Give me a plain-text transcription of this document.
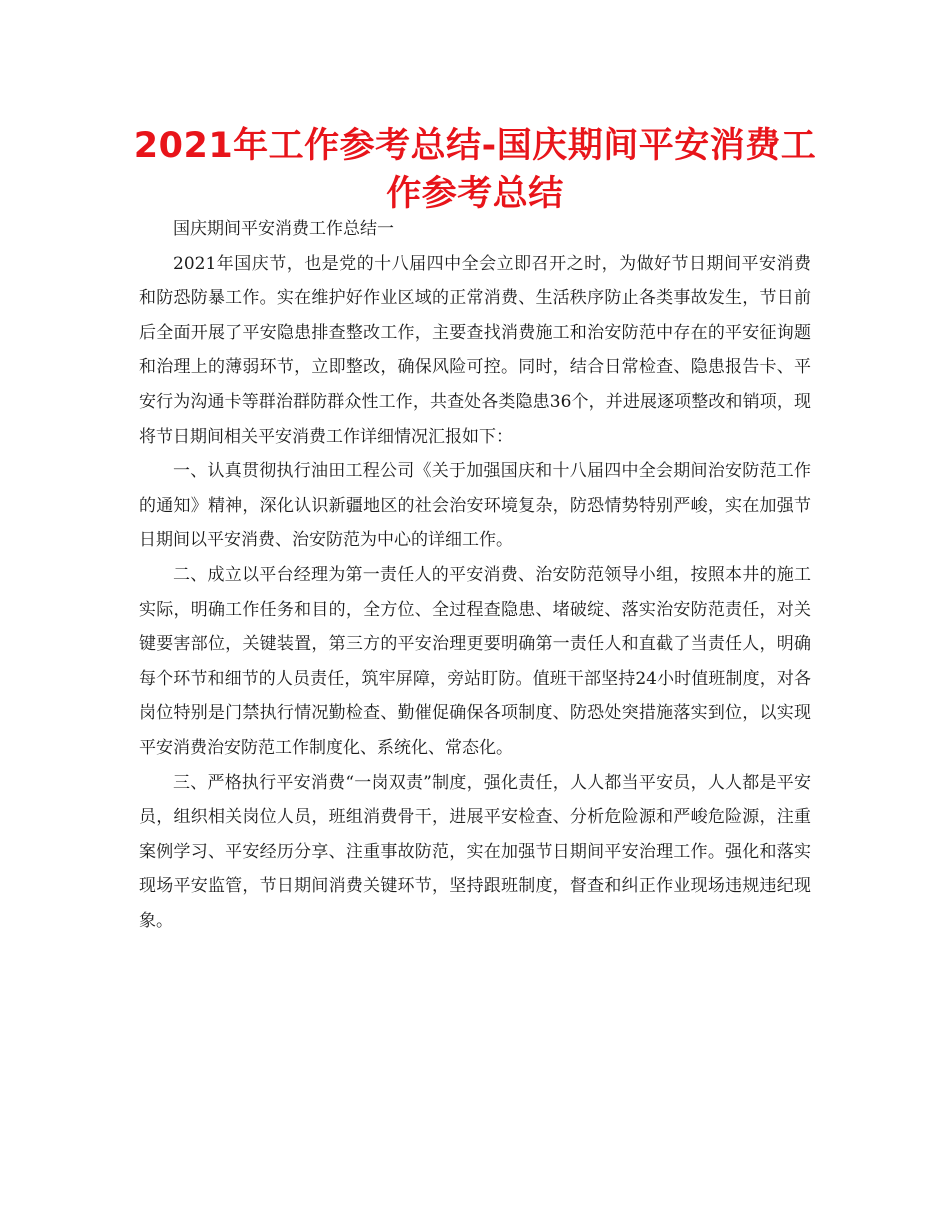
2021年工作参考总结-国庆期间平安消费工作参考总结

国庆期间平安消费工作总结一

2021年国庆节，也是党的十八届四中全会立即召开之时，为做好节日期间平安消费和防恐防暴工作。实在维护好作业区域的正常消费、生活秩序防止各类事故发生，节日前后全面开展了平安隐患排查整改工作，主要查找消费施工和治安防范中存在的平安征询题和治理上的薄弱环节，立即整改，确保风险可控。同时，结合日常检查、隐患报告卡、平安行为沟通卡等群治群防群众性工作，共查处各类隐患36个，并进展逐项整改和销项，现将节日期间相关平安消费工作详细情况汇报如下：

一、认真贯彻执行油田工程公司《关于加强国庆和十八届四中全会期间治安防范工作的通知》精神，深化认识新疆地区的社会治安环境复杂，防恐情势特别严峻，实在加强节日期间以平安消费、治安防范为中心的详细工作。

二、成立以平台经理为第一责任人的平安消费、治安防范领导小组，按照本井的施工实际，明确工作任务和目的，全方位、全过程查隐患、堵破绽、落实治安防范责任，对关键要害部位，关键装置，第三方的平安治理更要明确第一责任人和直截了当责任人，明确每个环节和细节的人员责任，筑牢屏障，旁站盯防。值班干部坚持24小时值班制度，对各岗位特别是门禁执行情况勤检查、勤催促确保各项制度、防恐处突措施落实到位，以实现平安消费治安防范工作制度化、系统化、常态化。

三、严格执行平安消费“一岗双责”制度，强化责任，人人都当平安员，人人都是平安员，组织相关岗位人员，班组消费骨干，进展平安检查、分析危险源和严峻危险源，注重案例学习、平安经历分享、注重事故防范，实在加强节日期间平安治理工作。强化和落实现场平安监管，节日期间消费关键环节，坚持跟班制度，督查和纠正作业现场违规违纪现象。
